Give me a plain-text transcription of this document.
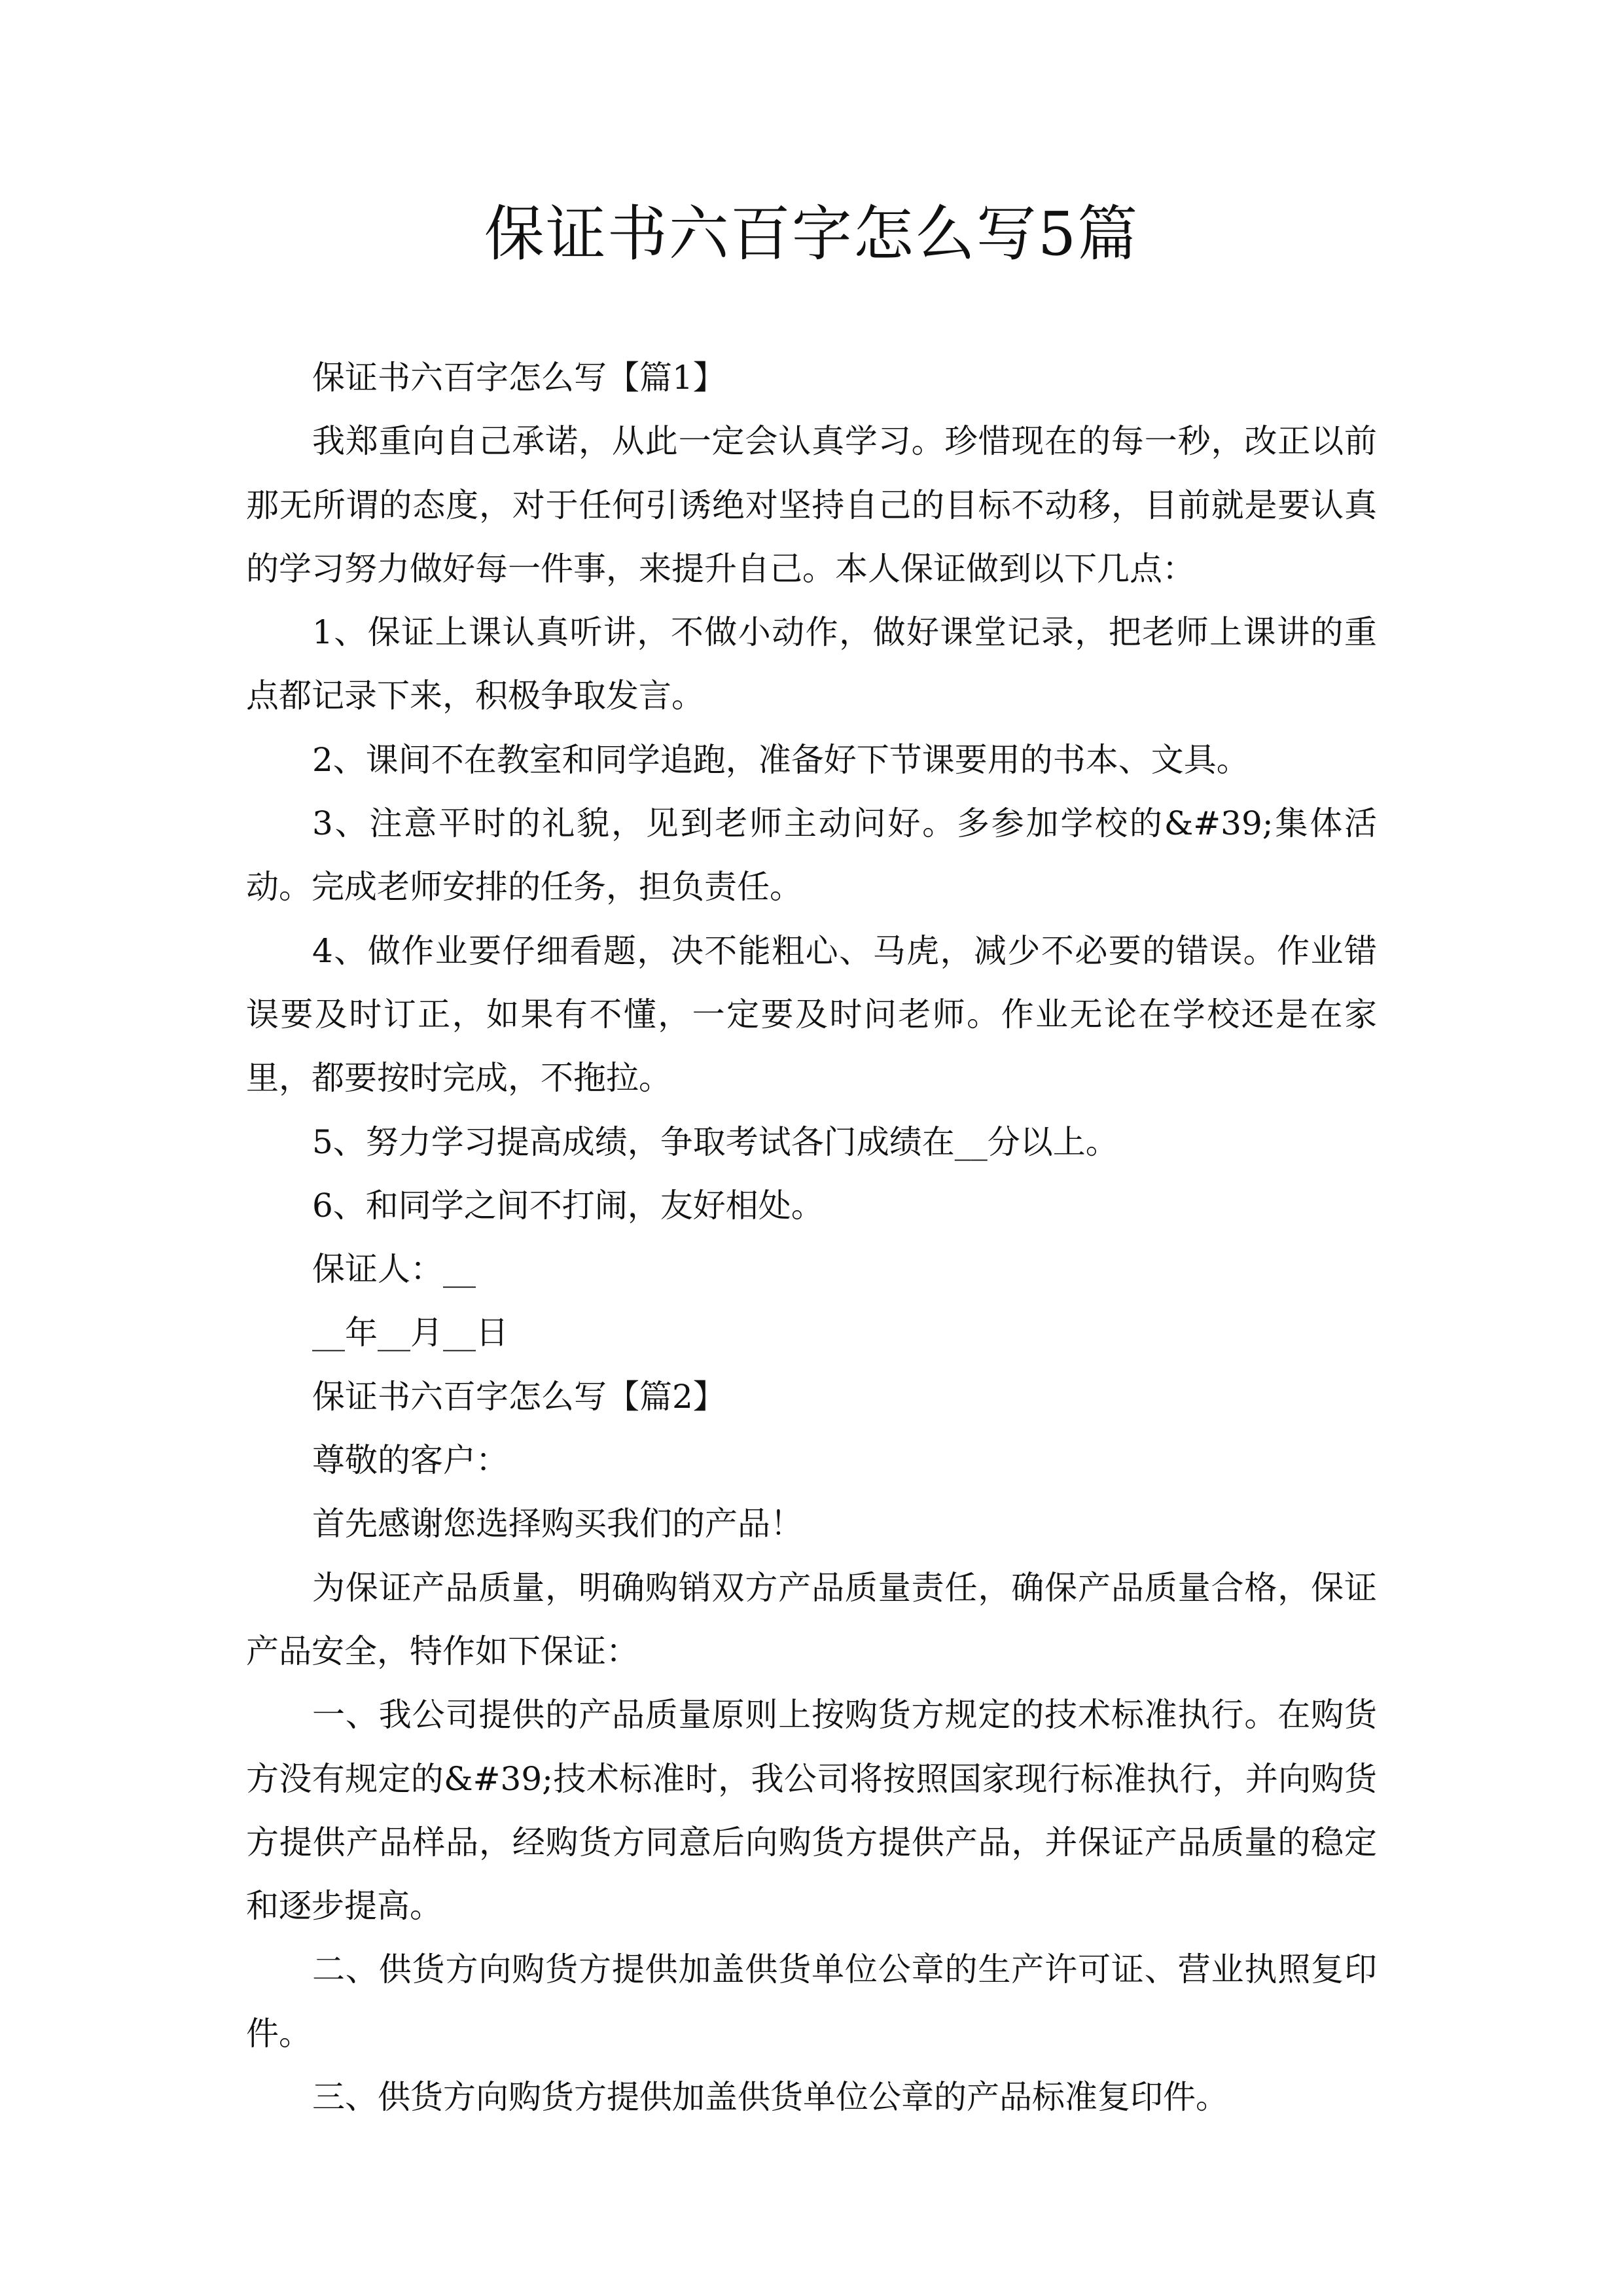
保证书六百字怎么写5篇

保证书六百字怎么写【篇1】

我郑重向自己承诺，从此一定会认真学习。珍惜现在的每一秒，改正以前那无所谓的态度，对于任何引诱绝对坚持自己的目标不动移，目前就是要认真的学习努力做好每一件事，来提升自己。本人保证做到以下几点：

1、保证上课认真听讲，不做小动作，做好课堂记录，把老师上课讲的重点都记录下来，积极争取发言。

2、课间不在教室和同学追跑，准备好下节课要用的书本、文具。

3、注意平时的礼貌，见到老师主动问好。多参加学校的&#39;集体活动。完成老师安排的任务，担负责任。

4、做作业要仔细看题，决不能粗心、马虎，减少不必要的错误。作业错误要及时订正，如果有不懂，一定要及时问老师。作业无论在学校还是在家里，都要按时完成，不拖拉。

5、努力学习提高成绩，争取考试各门成绩在__分以上。

6、和同学之间不打闹，友好相处。

保证人：__

__年__月__日

保证书六百字怎么写【篇2】

尊敬的客户：

首先感谢您选择购买我们的产品！

为保证产品质量，明确购销双方产品质量责任，确保产品质量合格，保证产品安全，特作如下保证：

一、我公司提供的产品质量原则上按购货方规定的技术标准执行。在购货方没有规定的&#39;技术标准时，我公司将按照国家现行标准执行，并向购货方提供产品样品，经购货方同意后向购货方提供产品，并保证产品质量的稳定和逐步提高。

二、供货方向购货方提供加盖供货单位公章的生产许可证、营业执照复印件。

三、供货方向购货方提供加盖供货单位公章的产品标准复印件。
